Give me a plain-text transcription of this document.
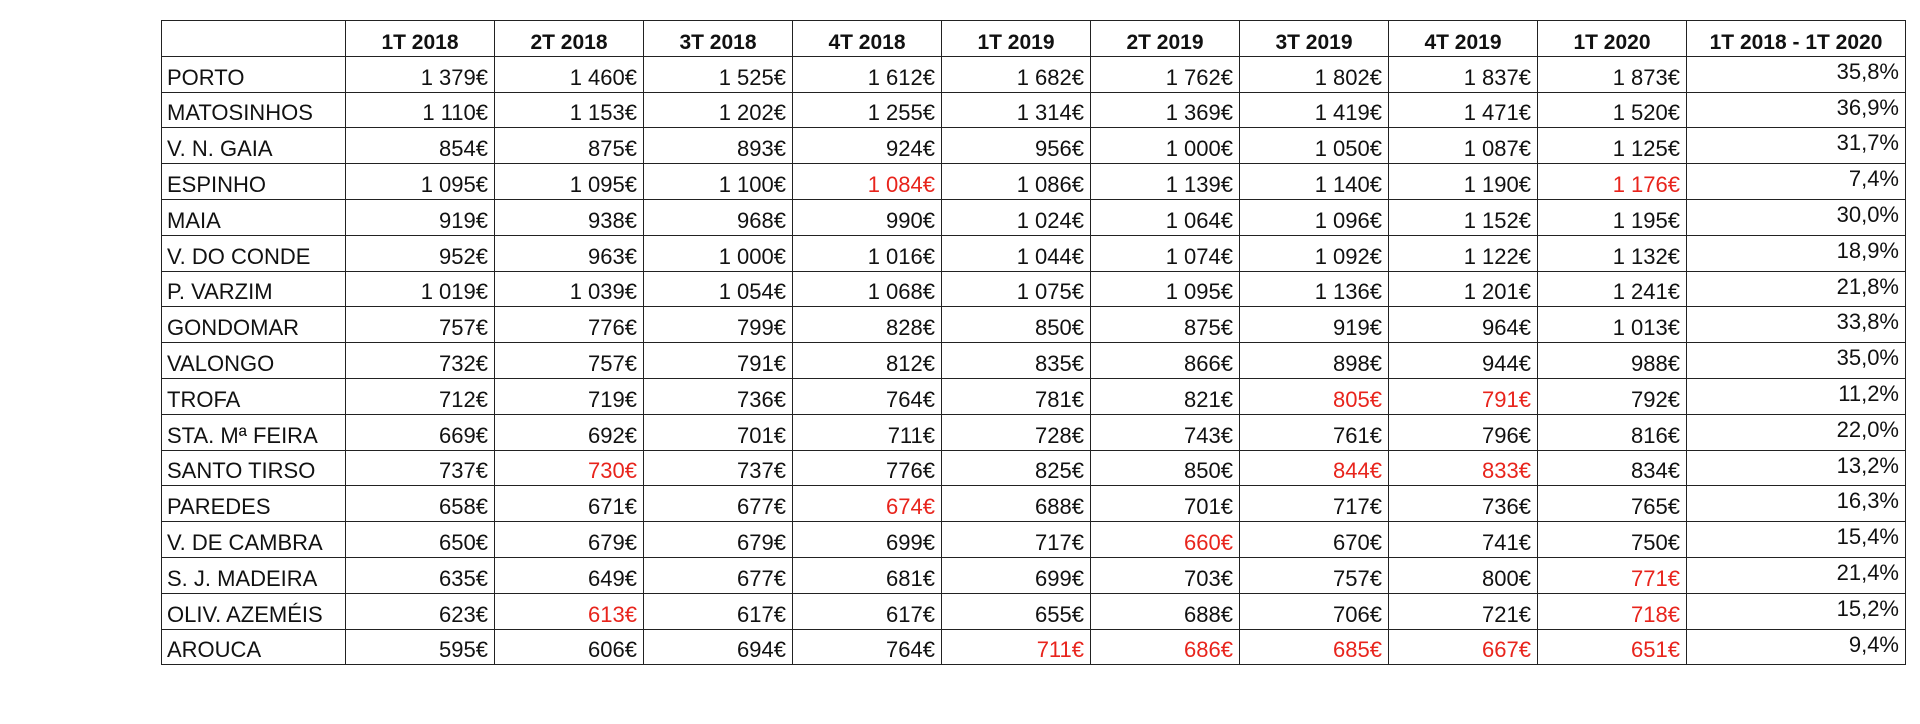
	1T 2018	2T 2018	3T 2018	4T 2018	1T 2019	2T 2019	3T 2019	4T 2019	1T 2020	1T 2018 - 1T 2020
PORTO	1 379€	1 460€	1 525€	1 612€	1 682€	1 762€	1 802€	1 837€	1 873€	35,8%
MATOSINHOS	1 110€	1 153€	1 202€	1 255€	1 314€	1 369€	1 419€	1 471€	1 520€	36,9%
V. N. GAIA	854€	875€	893€	924€	956€	1 000€	1 050€	1 087€	1 125€	31,7%
ESPINHO	1 095€	1 095€	1 100€	1 084€	1 086€	1 139€	1 140€	1 190€	1 176€	7,4%
MAIA	919€	938€	968€	990€	1 024€	1 064€	1 096€	1 152€	1 195€	30,0%
V. DO CONDE	952€	963€	1 000€	1 016€	1 044€	1 074€	1 092€	1 122€	1 132€	18,9%
P. VARZIM	1 019€	1 039€	1 054€	1 068€	1 075€	1 095€	1 136€	1 201€	1 241€	21,8%
GONDOMAR	757€	776€	799€	828€	850€	875€	919€	964€	1 013€	33,8%
VALONGO	732€	757€	791€	812€	835€	866€	898€	944€	988€	35,0%
TROFA	712€	719€	736€	764€	781€	821€	805€	791€	792€	11,2%
STA. Mª FEIRA	669€	692€	701€	711€	728€	743€	761€	796€	816€	22,0%
SANTO TIRSO	737€	730€	737€	776€	825€	850€	844€	833€	834€	13,2%
PAREDES	658€	671€	677€	674€	688€	701€	717€	736€	765€	16,3%
V. DE CAMBRA	650€	679€	679€	699€	717€	660€	670€	741€	750€	15,4%
S. J. MADEIRA	635€	649€	677€	681€	699€	703€	757€	800€	771€	21,4%
OLIV. AZEMÉIS	623€	613€	617€	617€	655€	688€	706€	721€	718€	15,2%
AROUCA	595€	606€	694€	764€	711€	686€	685€	667€	651€	9,4%
